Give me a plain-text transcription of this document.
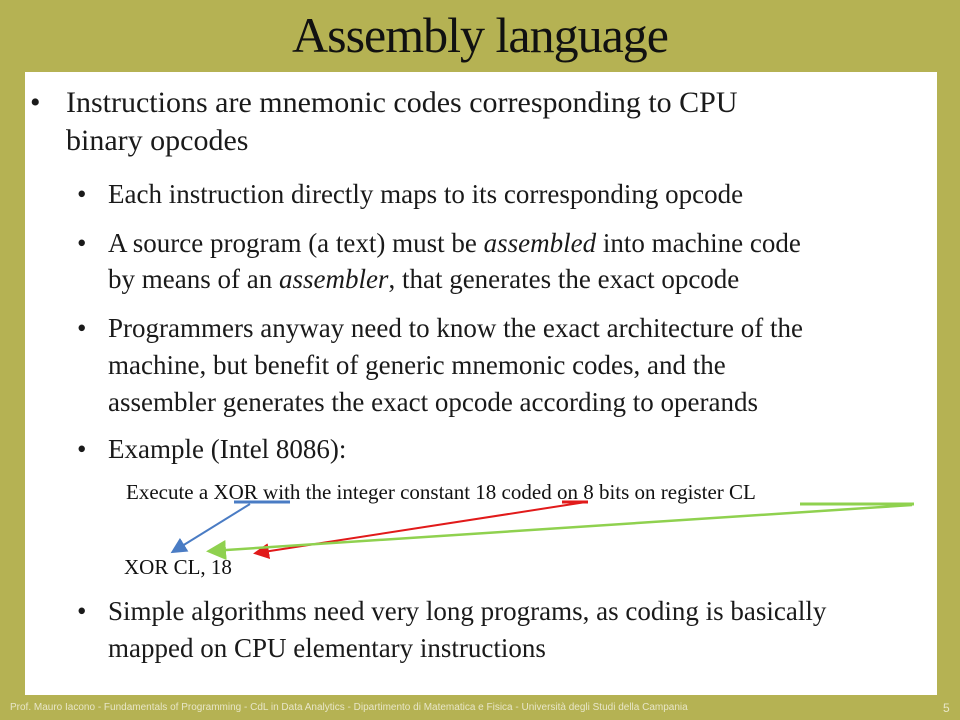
Assembly language
• Instructions are mnemonic codes corresponding to CPU
binary opcodes
• Each instruction directly maps to its corresponding opcode
• A source program (a text) must be assembled into machine code
by means of an assembler, that generates the exact opcode
• Programmers anyway need to know the exact architecture of the
machine, but benefit of generic mnemonic codes, and the
assembler generates the exact opcode according to operands
• Example (Intel 8086):
Execute a XOR with the integer constant 18 coded on 8 bits on register CL
XOR CL, 18
• Simple algorithms need very long programs, as coding is basically
mapped on CPU elementary instructions
Prof. Mauro Iacono - Fundamentals of Programming - CdL in Data Analytics - Dipartimento di Matematica e Fisica - Università degli Studi della Campania	5
